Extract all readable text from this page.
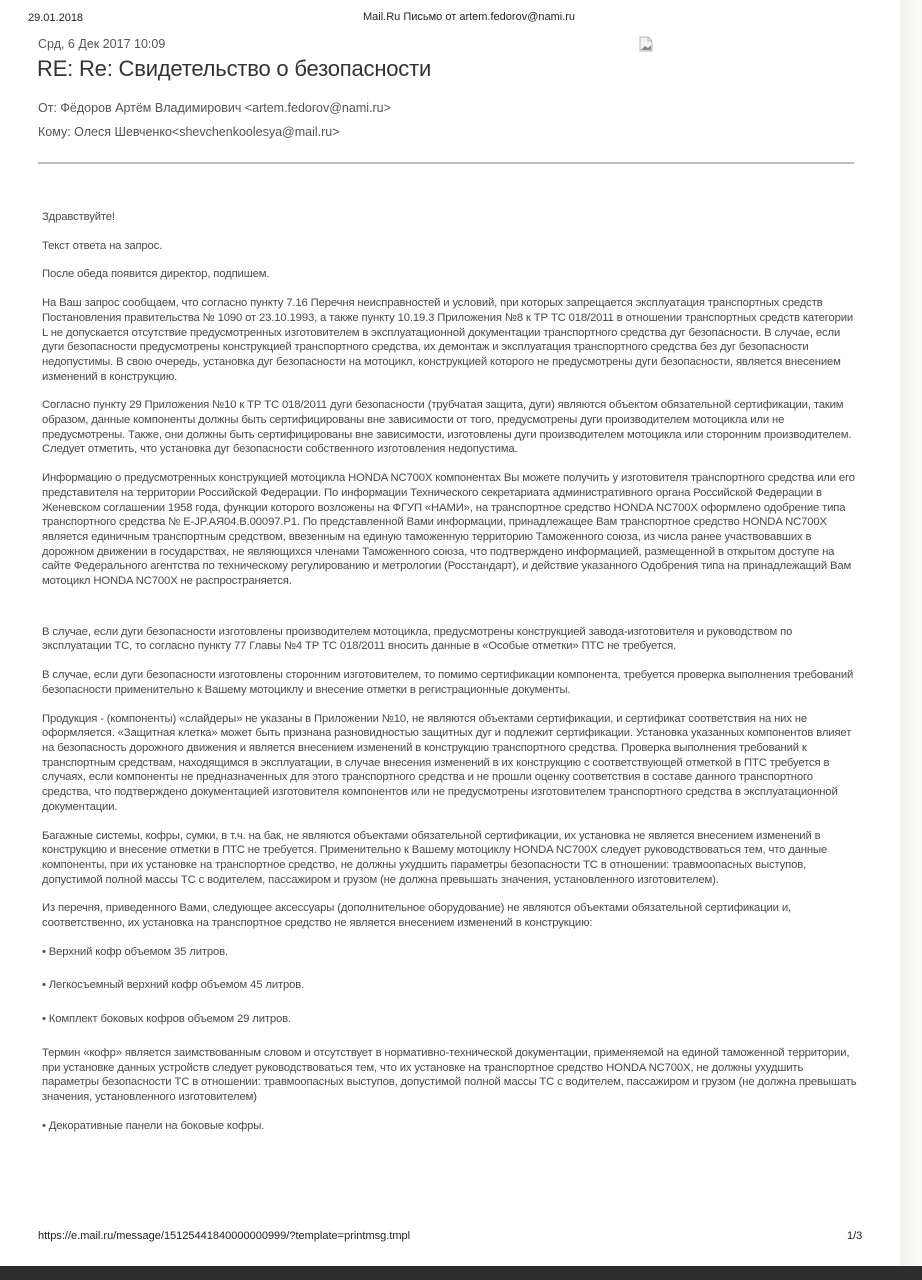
29.01.2018	Mail.Ru Письмо от artem.fedorov@nami.ru
Срд, 6 Дек 2017 10:09
RE: Re: Свидетельство о безопасности
От: Фёдоров Артём Владимирович <artem.fedorov@nami.ru>
Кому: Олеся Шевченко<shevchenkoolesya@mail.ru>

Здравствуйте!

Текст ответа на запрос.

После обеда появится директор, подпишем.

На Ваш запрос сообщаем, что согласно пункту 7.16 Перечня неисправностей и условий, при которых запрещается эксплуатация транспортных средств Постановления правительства № 1090 от 23.10.1993, а также пункту 10.19.3 Приложения №8 к ТР ТС 018/2011 в отношении транспортных средств категории L не допускается отсутствие предусмотренных изготовителем в эксплуатационной документации транспортного средства дуг безопасности. В случае, если дуги безопасности предусмотрены конструкцией транспортного средства, их демонтаж и эксплуатация транспортного средства без дуг безопасности недопустимы. В свою очередь, установка дуг безопасности на мотоцикл, конструкцией которого не предусмотрены дуги безопасности, является внесением изменений в конструкцию.

Согласно пункту 29 Приложения №10 к ТР ТС 018/2011 дуги безопасности (трубчатая защита, дуги) являются объектом обязательной сертификации, таким образом, данные компоненты должны быть сертифицированы вне зависимости от того, предусмотрены дуги производителем мотоцикла или не предусмотрены. Также, они должны быть сертифицированы вне зависимости, изготовлены дуги производителем мотоцикла или сторонним производителем. Следует отметить, что установка дуг безопасности собственного изготовления недопустима.

Информацию о предусмотренных конструкцией мотоцикла HONDA NC700X компонентах Вы можете получить у изготовителя транспортного средства или его представителя на территории Российской Федерации. По информации Технического секретариата административного органа Российской Федерации в Женевском соглашении 1958 года, функции которого возложены на ФГУП «НАМИ», на транспортное средство HONDA NC700X оформлено одобрение типа транспортного средства № E-JP.АЯ04.В.00097.Р1. По представленной Вами информации, принадлежащее Вам транспортное средство HONDA NC700X является единичным транспортным средством, ввезенным на единую таможенную территорию Таможенного союза, из числа ранее участвовавших в дорожном движении в государствах, не являющихся членами Таможенного союза, что подтверждено информацией, размещенной в открытом доступе на сайте Федерального агентства по техническому регулированию и метрологии (Росстандарт), и действие указанного Одобрения типа на принадлежащий Вам мотоцикл HONDA NC700X не распространяется.

В случае, если дуги безопасности изготовлены производителем мотоцикла, предусмотрены конструкцией завода-изготовителя и руководством по эксплуатации ТС, то согласно пункту 77 Главы №4 ТР ТС 018/2011 вносить данные в «Особые отметки» ПТС не требуется.

В случае, если дуги безопасности изготовлены сторонним изготовителем, то помимо сертификации компонента, требуется проверка выполнения требований безопасности применительно к Вашему мотоциклу и внесение отметки в регистрационные документы.

Продукция - (компоненты) «слайдеры» не указаны в Приложении №10, не являются объектами сертификации, и сертификат соответствия на них не оформляется. «Защитная клетка» может быть признана разновидностью защитных дуг и подлежит сертификации. Установка указанных компонентов влияет на безопасность дорожного движения и является внесением изменений в конструкцию транспортного средства. Проверка выполнения требований к транспортным средствам, находящимся в эксплуатации, в случае внесения изменений в их конструкцию с соответствующей отметкой в ПТС требуется в случаях, если компоненты не предназначенных для этого транспортного средства и не прошли оценку соответствия в составе данного транспортного средства, что подтверждено документацией изготовителя компонентов или не предусмотрены изготовителем транспортного средства в эксплуатационной документации.

Багажные системы, кофры, сумки, в т.ч. на бак, не являются объектами обязательной сертификации, их установка не является внесением изменений в конструкцию и внесение отметки в ПТС не требуется. Применительно к Вашему мотоциклу HONDA NC700X следует руководствоваться тем, что данные компоненты, при их установке на транспортное средство, не должны ухудшить параметры безопасности ТС в отношении: травмоопасных выступов, допустимой полной массы ТС с водителем, пассажиром и грузом (не должна превышать значения, установленного изготовителем).

Из перечня, приведенного Вами, следующее аксессуары (дополнительное оборудование) не являются объектами обязательной сертификации и, соответственно, их установка на транспортное средство не является внесением изменений в конструкцию:

• Верхний кофр объемом 35 литров.

• Легкосъемный верхний кофр объемом 45 литров.

• Комплект боковых кофров объемом 29 литров.

Термин «кофр» является заимствованным словом и отсутствует в нормативно-технической документации, применяемой на единой таможенной территории, при установке данных устройств следует руководствоваться тем, что их установке на транспортное средство HONDA NC700X, не должны ухудшить параметры безопасности ТС в отношении: травмоопасных выступов, допустимой полной массы ТС с водителем, пассажиром и грузом (не должна превышать значения, установленного изготовителем)

• Декоративные панели на боковые кофры.

https://e.mail.ru/message/15125441840000000999/?template=printmsg.tmpl	1/3
